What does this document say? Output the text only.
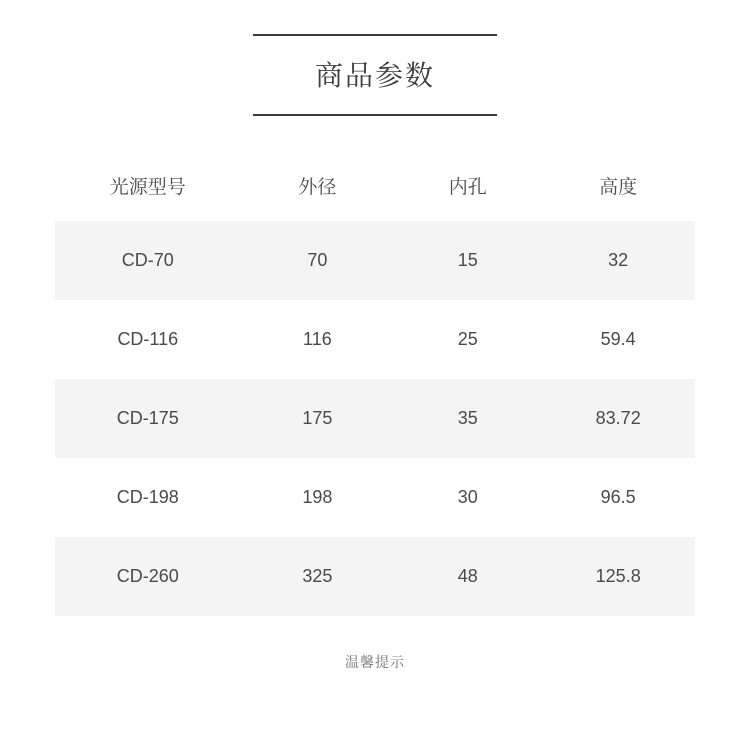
商品参数
光源型号	外径	内孔	高度
CD-70	70	15	32
CD-116	116	25	59.4
CD-175	175	35	83.72
CD-198	198	30	96.5
CD-260	325	48	125.8
温馨提示
